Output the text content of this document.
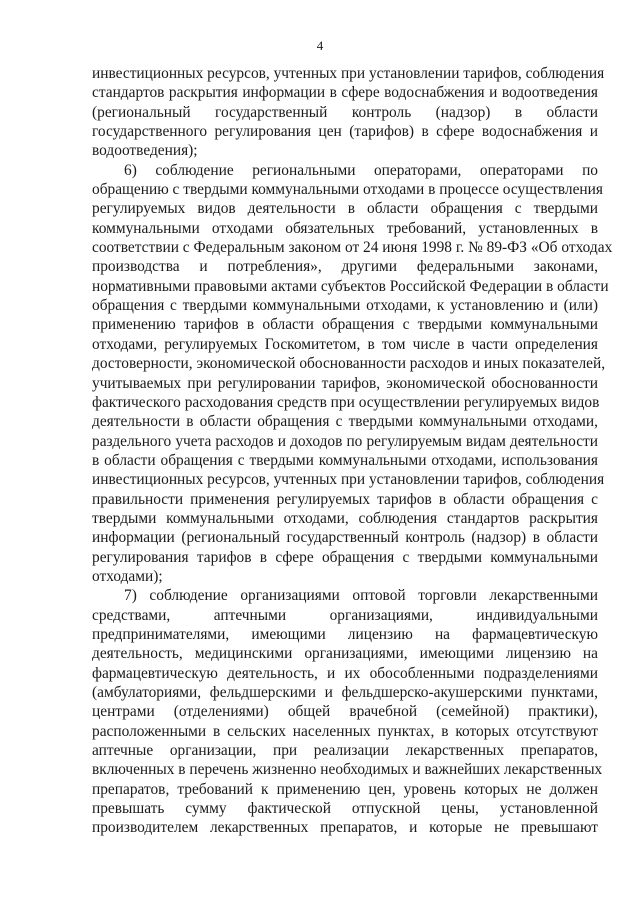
4
инвестиционных ресурсов, учтенных при установлении тарифов, соблюдения
стандартов раскрытия информации в сфере водоснабжения и водоотведения
(региональный государственный контроль (надзор) в области
государственного регулирования цен (тарифов) в сфере водоснабжения и
водоотведения);
6) соблюдение региональными операторами, операторами по
обращению с твердыми коммунальными отходами в процессе осуществления
регулируемых видов деятельности в области обращения с твердыми
коммунальными отходами обязательных требований, установленных в
соответствии с Федеральным законом от 24 июня 1998 г. № 89-ФЗ «Об отходах
производства и потребления», другими федеральными законами,
нормативными правовыми актами субъектов Российской Федерации в области
обращения с твердыми коммунальными отходами, к установлению и (или)
применению тарифов в области обращения с твердыми коммунальными
отходами, регулируемых Госкомитетом, в том числе в части определения
достоверности, экономической обоснованности расходов и иных показателей,
учитываемых при регулировании тарифов, экономической обоснованности
фактического расходования средств при осуществлении регулируемых видов
деятельности в области обращения с твердыми коммунальными отходами,
раздельного учета расходов и доходов по регулируемым видам деятельности
в области обращения с твердыми коммунальными отходами, использования
инвестиционных ресурсов, учтенных при установлении тарифов, соблюдения
правильности применения регулируемых тарифов в области обращения с
твердыми коммунальными отходами, соблюдения стандартов раскрытия
информации (региональный государственный контроль (надзор) в области
регулирования тарифов в сфере обращения с твердыми коммунальными
отходами);
7) соблюдение организациями оптовой торговли лекарственными
средствами, аптечными организациями, индивидуальными
предпринимателями, имеющими лицензию на фармацевтическую
деятельность, медицинскими организациями, имеющими лицензию на
фармацевтическую деятельность, и их обособленными подразделениями
(амбулаториями, фельдшерскими и фельдшерско-акушерскими пунктами,
центрами (отделениями) общей врачебной (семейной) практики),
расположенными в сельских населенных пунктах, в которых отсутствуют
аптечные организации, при реализации лекарственных препаратов,
включенных в перечень жизненно необходимых и важнейших лекарственных
препаратов, требований к применению цен, уровень которых не должен
превышать сумму фактической отпускной цены, установленной
производителем лекарственных препаратов, и которые не превышают
